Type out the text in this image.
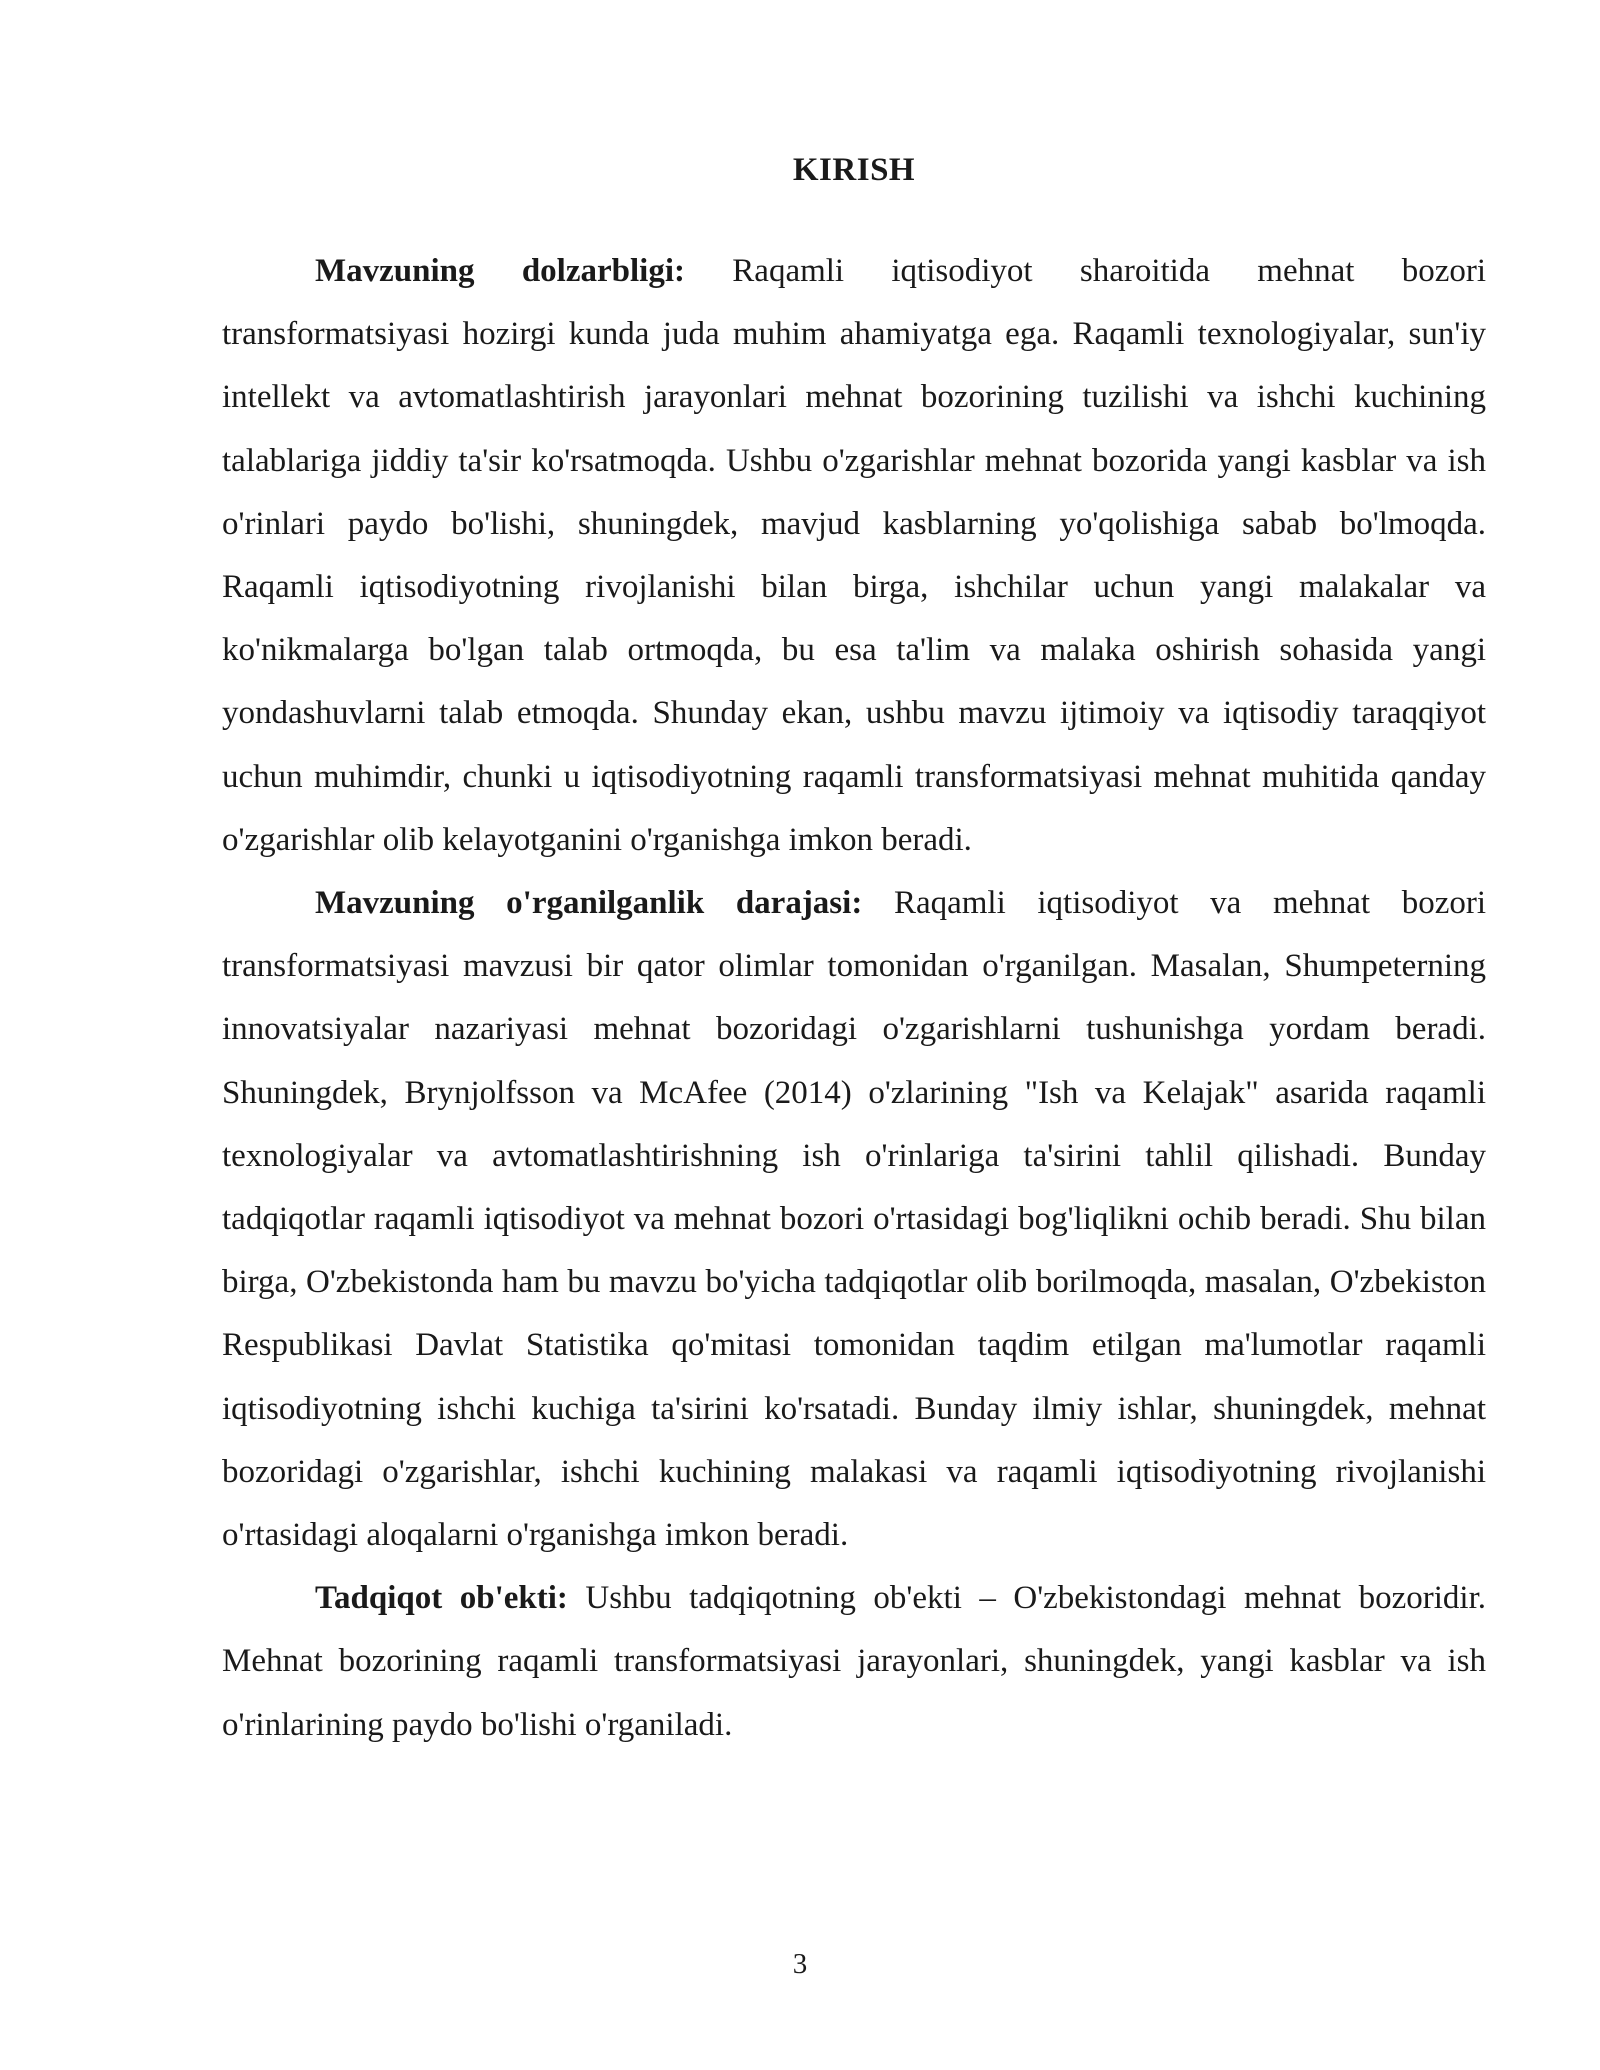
KIRISH

Mavzuning dolzarbligi: Raqamli iqtisodiyot sharoitida mehnat bozori transformatsiyasi hozirgi kunda juda muhim ahamiyatga ega. Raqamli texnologiyalar, sun'iy intellekt va avtomatlashtirish jarayonlari mehnat bozorining tuzilishi va ishchi kuchining talablariga jiddiy ta'sir ko'rsatmoqda. Ushbu o'zgarishlar mehnat bozorida yangi kasblar va ish o'rinlari paydo bo'lishi, shuningdek, mavjud kasblarning yo'qolishiga sabab bo'lmoqda. Raqamli iqtisodiyotning rivojlanishi bilan birga, ishchilar uchun yangi malakalar va ko'nikmalarga bo'lgan talab ortmoqda, bu esa ta'lim va malaka oshirish sohasida yangi yondashuvlarni talab etmoqda. Shunday ekan, ushbu mavzu ijtimoiy va iqtisodiy taraqqiyot uchun muhimdir, chunki u iqtisodiyotning raqamli transformatsiyasi mehnat muhitida qanday o'zgarishlar olib kelayotganini o'rganishga imkon beradi.

Mavzuning o'rganilganlik darajasi: Raqamli iqtisodiyot va mehnat bozori transformatsiyasi mavzusi bir qator olimlar tomonidan o'rganilgan. Masalan, Shumpeterning innovatsiyalar nazariyasi mehnat bozoridagi o'zgarishlarni tushunishga yordam beradi. Shuningdek, Brynjolfsson va McAfee (2014) o'zlarining "Ish va Kelajak" asarida raqamli texnologiyalar va avtomatlashtirishning ish o'rinlariga ta'sirini tahlil qilishadi. Bunday tadqiqotlar raqamli iqtisodiyot va mehnat bozori o'rtasidagi bog'liqlikni ochib beradi. Shu bilan birga, O'zbekistonda ham bu mavzu bo'yicha tadqiqotlar olib borilmoqda, masalan, O'zbekiston Respublikasi Davlat Statistika qo'mitasi tomonidan taqdim etilgan ma'lumotlar raqamli iqtisodiyotning ishchi kuchiga ta'sirini ko'rsatadi. Bunday ilmiy ishlar, shuningdek, mehnat bozoridagi o'zgarishlar, ishchi kuchining malakasi va raqamli iqtisodiyotning rivojlanishi o'rtasidagi aloqalarni o'rganishga imkon beradi.

Tadqiqot ob'ekti: Ushbu tadqiqotning ob'ekti – O'zbekistondagi mehnat bozoridir. Mehnat bozorining raqamli transformatsiyasi jarayonlari, shuningdek, yangi kasblar va ish o'rinlarining paydo bo'lishi o'rganiladi.

3
